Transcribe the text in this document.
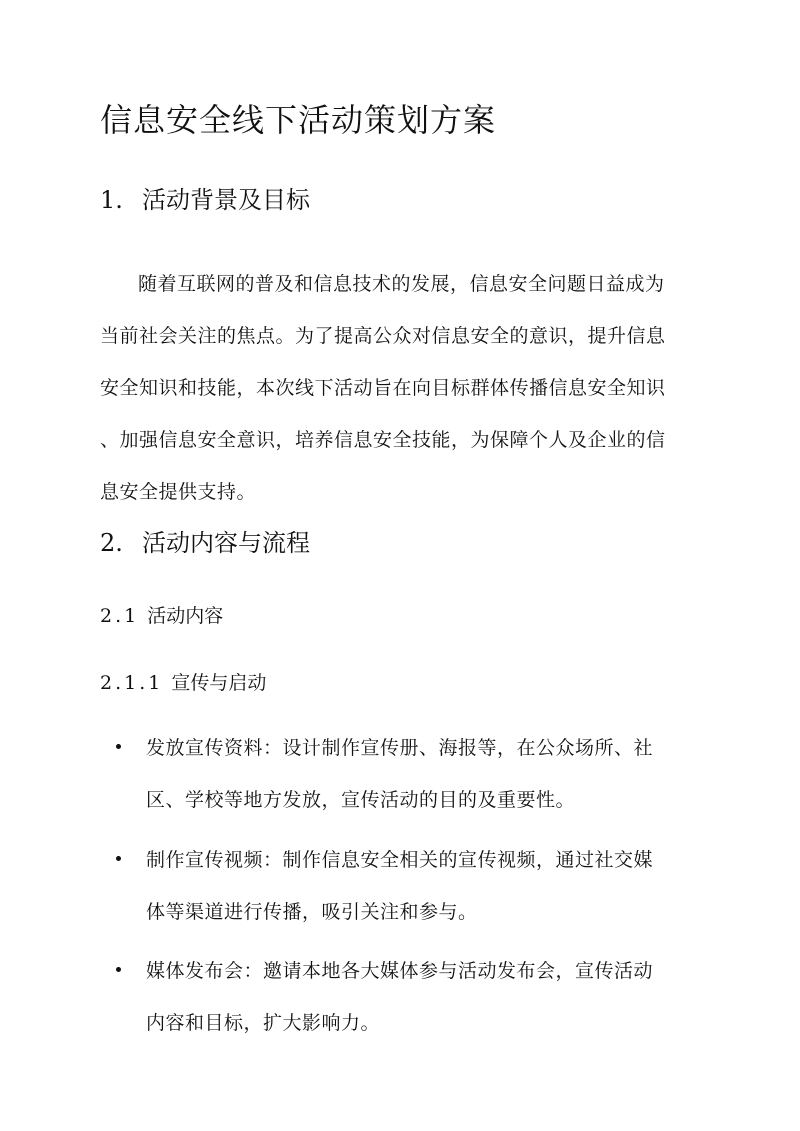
信息安全线下活动策划方案
1. 活动背景及目标
随着互联网的普及和信息技术的发展，信息安全问题日益成为
当前社会关注的焦点。为了提高公众对信息安全的意识，提升信息
安全知识和技能，本次线下活动旨在向目标群体传播信息安全知识
、加强信息安全意识，培养信息安全技能，为保障个人及企业的信
息安全提供支持。
2. 活动内容与流程
2.1 活动内容
2.1.1 宣传与启动
发放宣传资料：设计制作宣传册、海报等，在公众场所、社
区、学校等地方发放，宣传活动的目的及重要性。
制作宣传视频：制作信息安全相关的宣传视频，通过社交媒
体等渠道进行传播，吸引关注和参与。
媒体发布会：邀请本地各大媒体参与活动发布会，宣传活动
内容和目标，扩大影响力。
